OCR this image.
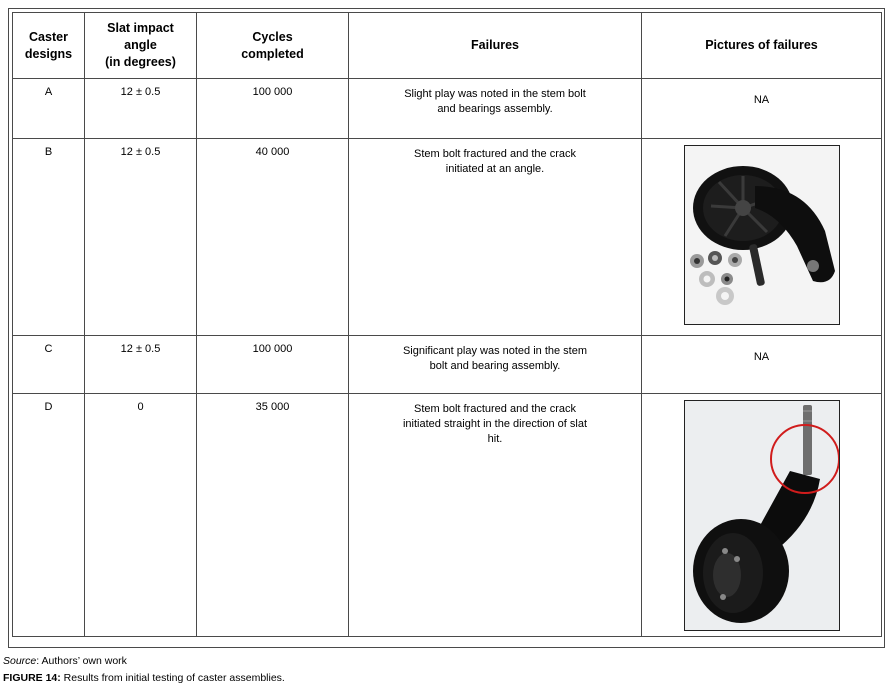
Caster
designs	Slat impact
angle
(in degrees)	Cycles
completed	Failures	Pictures of failures
A	12 ± 0.5	100 000	Slight play was noted in the stem bolt and bearings assembly.	NA

B	12 ± 0.5	40 000	Stem bolt fractured and the crack initiated at an angle.

C	12 ± 0.5	100 000	Significant play was noted in the stem bolt and bearing assembly.	NA

D	0	35 000	Stem bolt fractured and the crack initiated straight in the direction of slat hit.

Source: Authors’ own work
FIGURE 14: Results from initial testing of caster assemblies.
